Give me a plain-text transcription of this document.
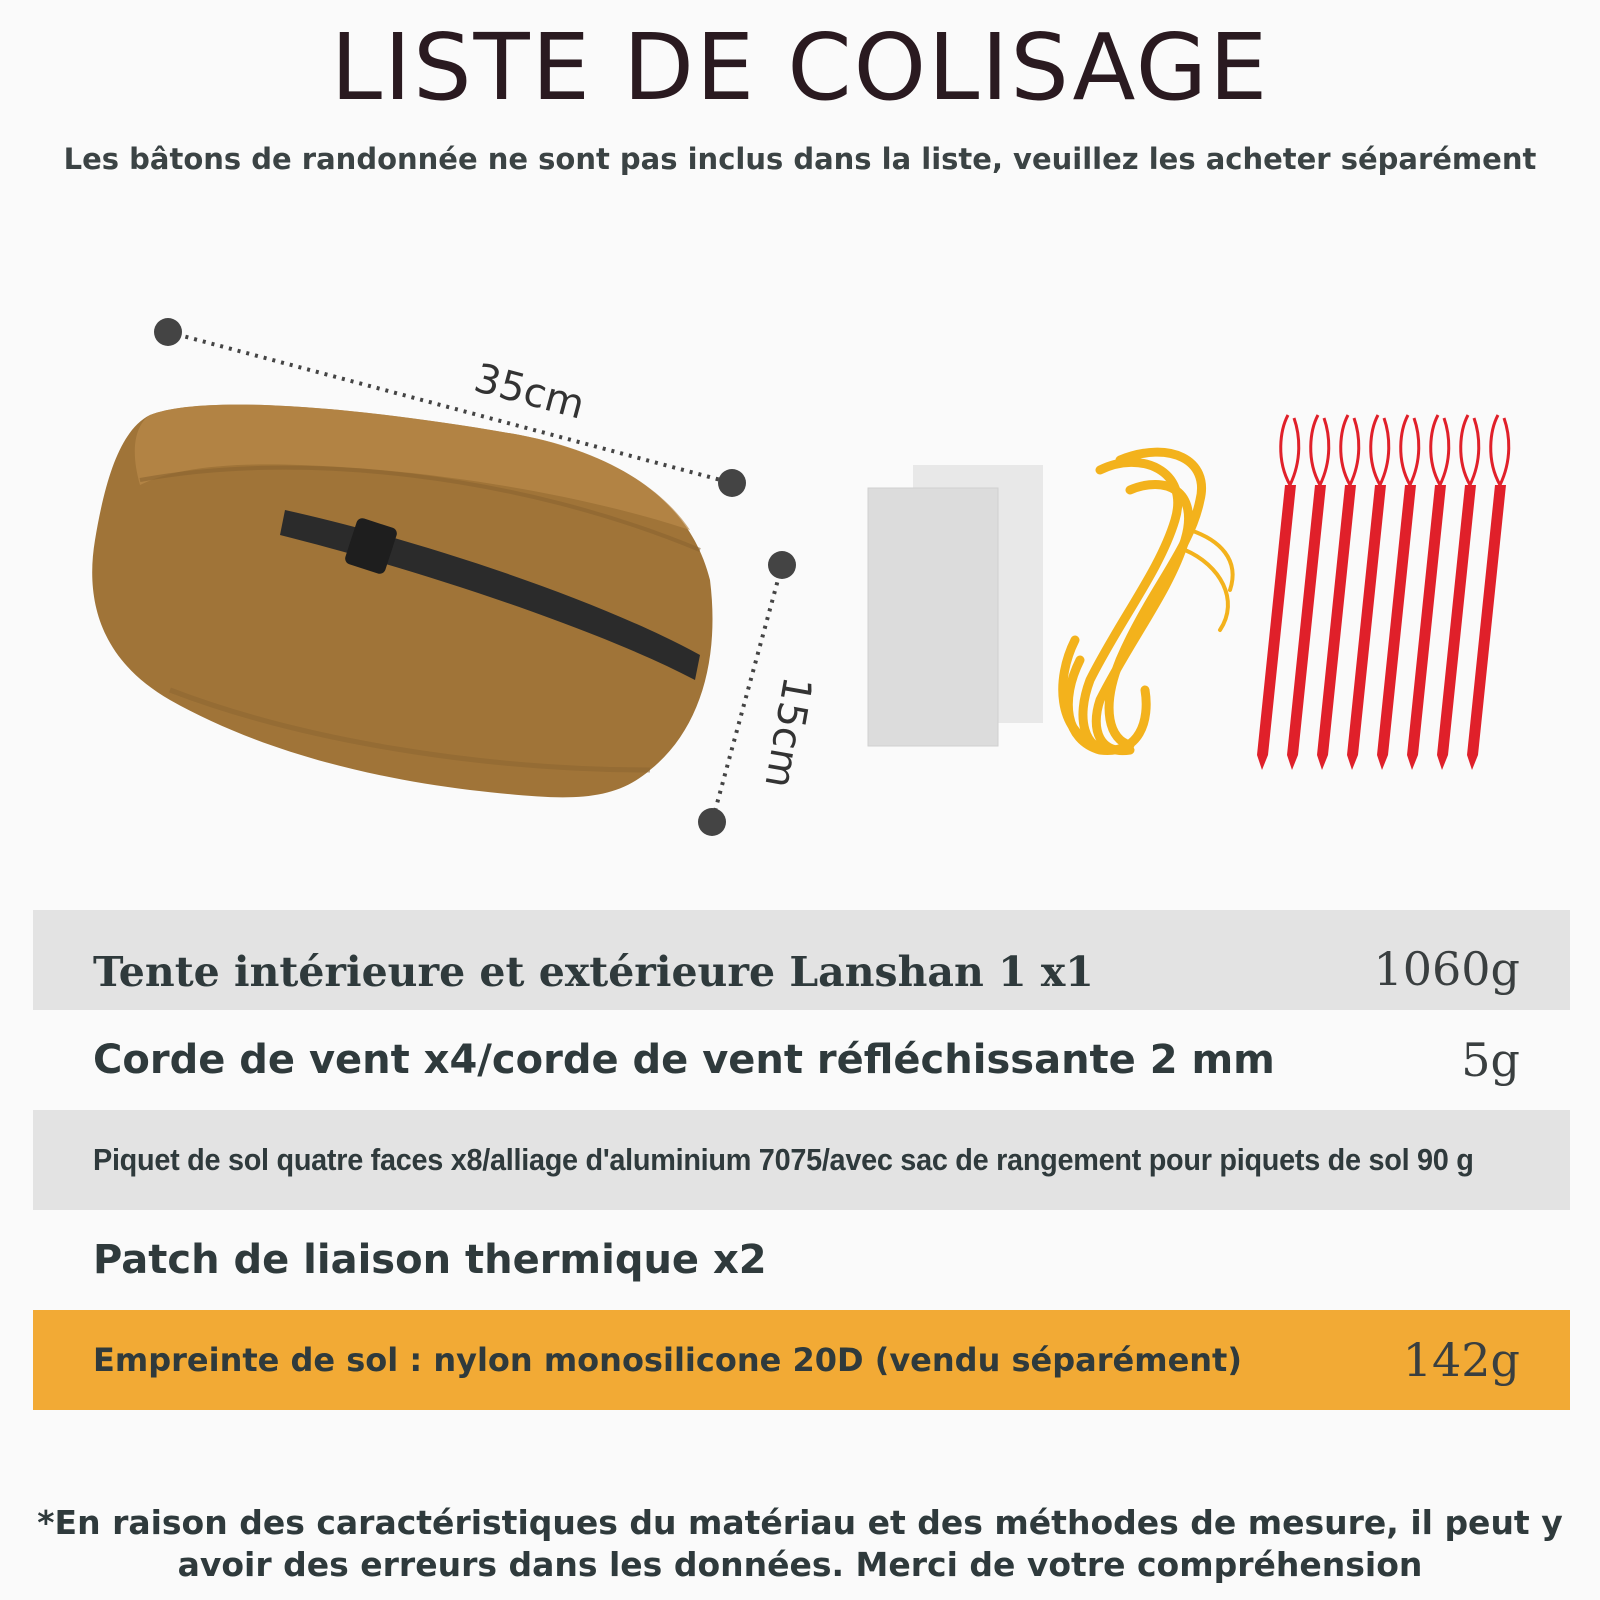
LISTE DE COLISAGE
Les bâtons de randonnée ne sont pas inclus dans la liste, veuillez les acheter séparément
35cm
15cm
Tente intérieure et extérieure Lanshan 1 x1	1060g
Corde de vent x4/corde de vent réfléchissante 2 mm	5g
Piquet de sol quatre faces x8/alliage d'aluminium 7075/avec sac de rangement pour piquets de sol 90 g
Patch de liaison thermique x2
Empreinte de sol : nylon monosilicone 20D (vendu séparément)	142g
*En raison des caractéristiques du matériau et des méthodes de mesure, il peut y avoir des erreurs dans les données. Merci de votre compréhension
